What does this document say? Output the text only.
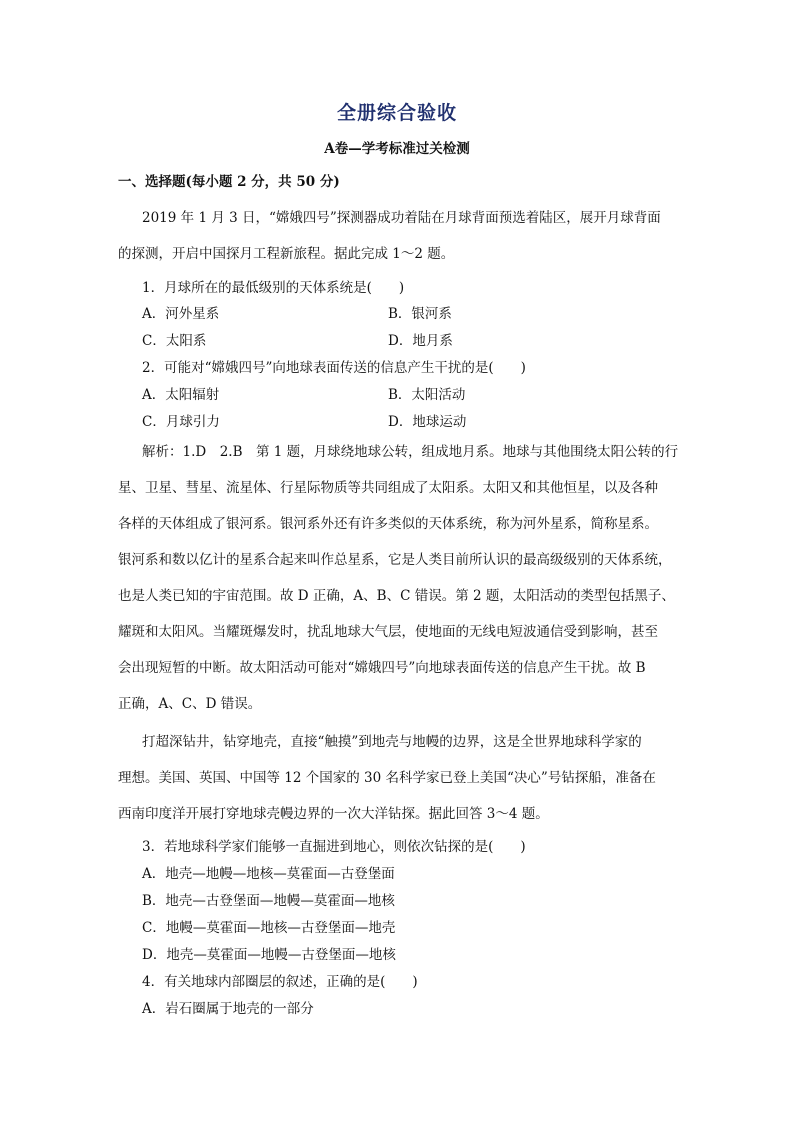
全册综合验收
A卷—学考标准过关检测
一、选择题(每小题 2 分，共 50 分)
2019 年 1 月 3 日，“嫦娥四号”探测器成功着陆在月球背面预选着陆区，展开月球背面
的探测，开启中国探月工程新旅程。据此完成 1～2 题。
1．月球所在的最低级别的天体系统是(　　)
A．河外星系	B．银河系
C．太阳系	D．地月系
2．可能对“嫦娥四号”向地球表面传送的信息产生干扰的是(　　)
A．太阳辐射	B．太阳活动
C．月球引力	D．地球运动
解析：1.D　2.B　第 1 题，月球绕地球公转，组成地月系。地球与其他围绕太阳公转的行
星、卫星、彗星、流星体、行星际物质等共同组成了太阳系。太阳又和其他恒星，以及各种
各样的天体组成了银河系。银河系外还有许多类似的天体系统，称为河外星系，简称星系。
银河系和数以亿计的星系合起来叫作总星系，它是人类目前所认识的最高级级别的天体系统，
也是人类已知的宇宙范围。故 D 正确，A、B、C 错误。第 2 题，太阳活动的类型包括黑子、
耀斑和太阳风。当耀斑爆发时，扰乱地球大气层，使地面的无线电短波通信受到影响，甚至
会出现短暂的中断。故太阳活动可能对“嫦娥四号”向地球表面传送的信息产生干扰。故 B
正确，A、C、D 错误。
打超深钻井，钻穿地壳，直接“触摸”到地壳与地幔的边界，这是全世界地球科学家的
理想。美国、英国、中国等 12 个国家的 30 名科学家已登上美国“决心”号钻探船，准备在
西南印度洋开展打穿地球壳幔边界的一次大洋钻探。据此回答 3～4 题。
3．若地球科学家们能够一直掘进到地心，则依次钻探的是(　　)
A．地壳—地幔—地核—莫霍面—古登堡面
B．地壳—古登堡面—地幔—莫霍面—地核
C．地幔—莫霍面—地核—古登堡面—地壳
D．地壳—莫霍面—地幔—古登堡面—地核
4．有关地球内部圈层的叙述，正确的是(　　)
A．岩石圈属于地壳的一部分
